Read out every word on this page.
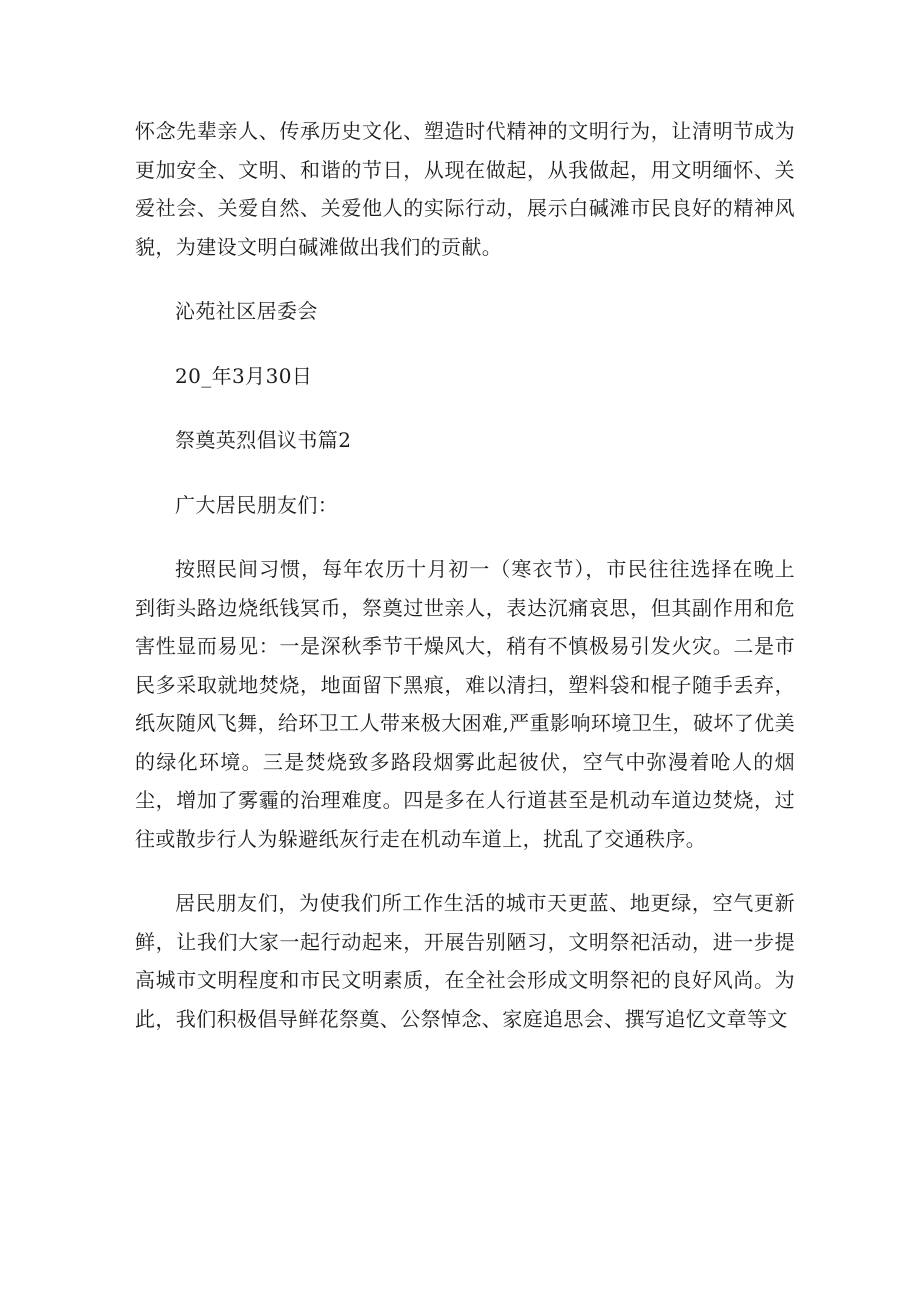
怀念先辈亲人、传承历史文化、塑造时代精神的文明行为，让清明节成为更加安全、文明、和谐的节日，从现在做起，从我做起，用文明缅怀、关爱社会、关爱自然、关爱他人的实际行动，展示白碱滩市民良好的精神风貌，为建设文明白碱滩做出我们的贡献。

沁苑社区居委会

20_年3月30日

祭奠英烈倡议书篇2

广大居民朋友们：

按照民间习惯，每年农历十月初一（寒衣节），市民往往选择在晚上到街头路边烧纸钱冥币，祭奠过世亲人，表达沉痛哀思，但其副作用和危害性显而易见：一是深秋季节干燥风大，稍有不慎极易引发火灾。二是市民多采取就地焚烧，地面留下黑痕，难以清扫，塑料袋和棍子随手丢弃，纸灰随风飞舞，给环卫工人带来极大困难,严重影响环境卫生，破坏了优美的绿化环境。三是焚烧致多路段烟雾此起彼伏，空气中弥漫着呛人的烟尘，增加了雾霾的治理难度。四是多在人行道甚至是机动车道边焚烧，过往或散步行人为躲避纸灰行走在机动车道上，扰乱了交通秩序。

居民朋友们，为使我们所工作生活的城市天更蓝、地更绿，空气更新鲜，让我们大家一起行动起来，开展告别陋习，文明祭祀活动，进一步提高城市文明程度和市民文明素质，在全社会形成文明祭祀的良好风尚。为此，我们积极倡导鲜花祭奠、公祭悼念、家庭追思会、撰写追忆文章等文
